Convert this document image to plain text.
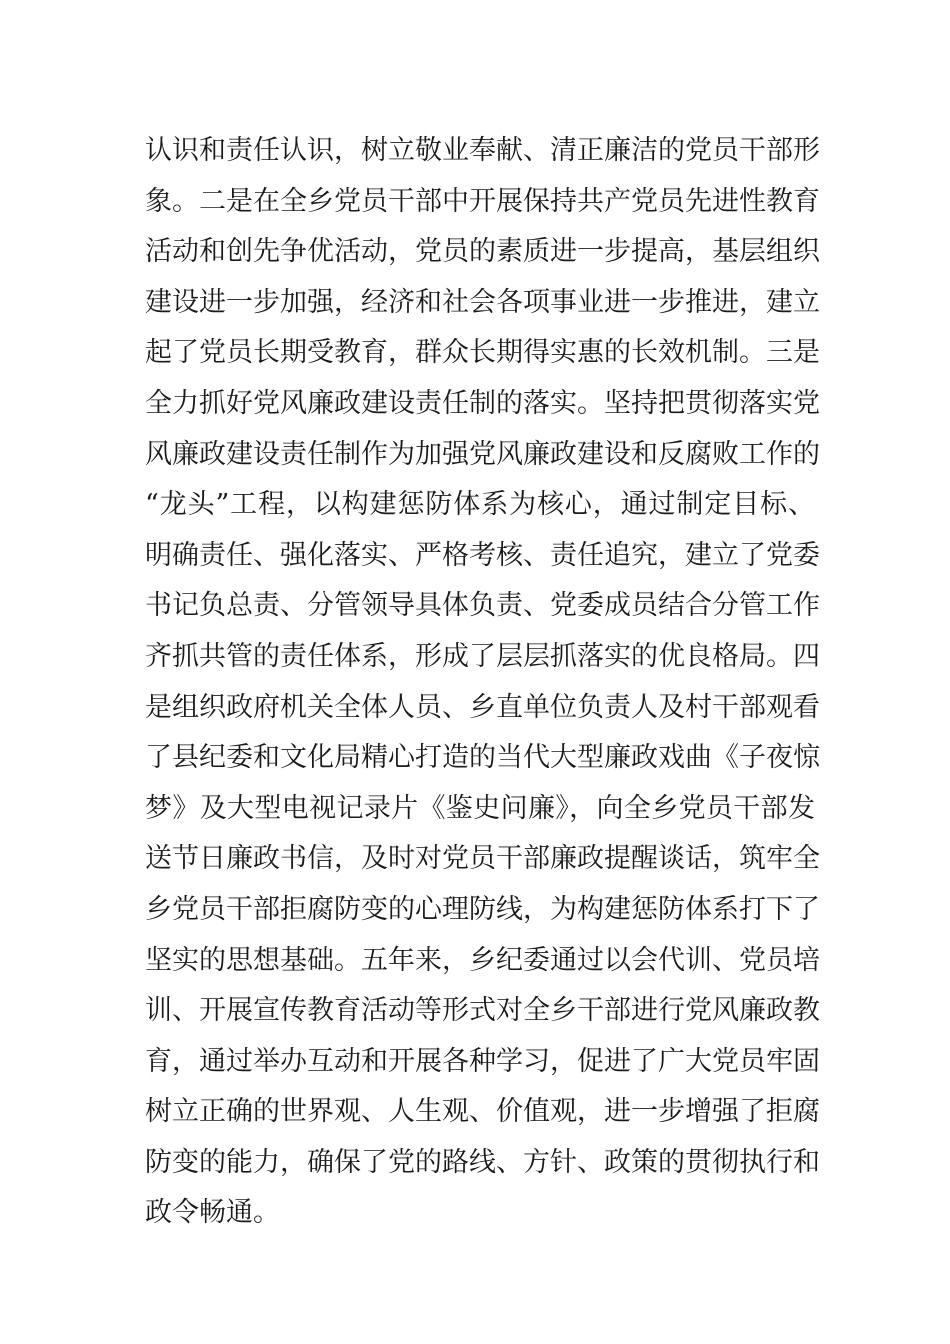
认识和责任认识，树立敬业奉献、清正廉洁的党员干部形
象。二是在全乡党员干部中开展保持共产党员先进性教育
活动和创先争优活动，党员的素质进一步提高，基层组织
建设进一步加强，经济和社会各项事业进一步推进，建立
起了党员长期受教育，群众长期得实惠的长效机制。三是
全力抓好党风廉政建设责任制的落实。坚持把贯彻落实党
风廉政建设责任制作为加强党风廉政建设和反腐败工作的
“龙头”工程，以构建惩防体系为核心，通过制定目标、
明确责任、强化落实、严格考核、责任追究，建立了党委
书记负总责、分管领导具体负责、党委成员结合分管工作
齐抓共管的责任体系，形成了层层抓落实的优良格局。四
是组织政府机关全体人员、乡直单位负责人及村干部观看
了县纪委和文化局精心打造的当代大型廉政戏曲《子夜惊
梦》及大型电视记录片《鉴史问廉》，向全乡党员干部发
送节日廉政书信，及时对党员干部廉政提醒谈话，筑牢全
乡党员干部拒腐防变的心理防线，为构建惩防体系打下了
坚实的思想基础。五年来，乡纪委通过以会代训、党员培
训、开展宣传教育活动等形式对全乡干部进行党风廉政教
育，通过举办互动和开展各种学习，促进了广大党员牢固
树立正确的世界观、人生观、价值观，进一步增强了拒腐
防变的能力，确保了党的路线、方针、政策的贯彻执行和
政令畅通。
